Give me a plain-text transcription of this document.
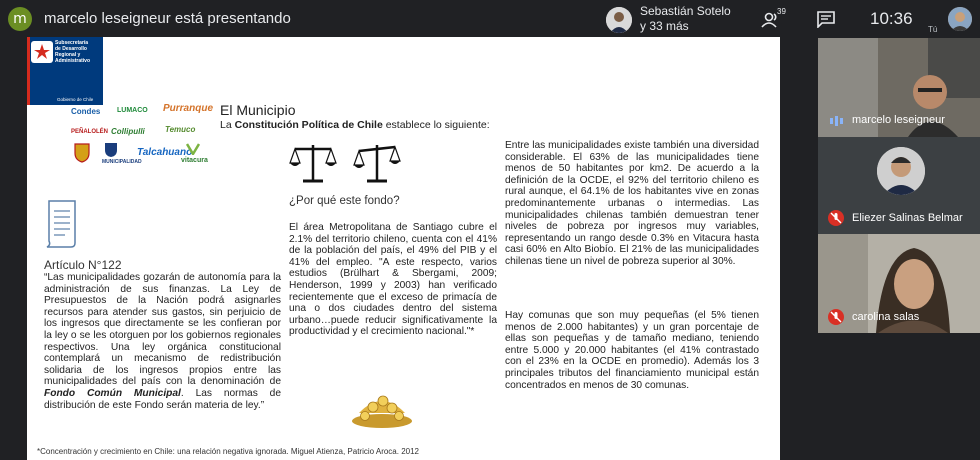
m	marcelo leseigneur está presentando	Sebastián Sotelo
y 33 más
39	10:36
Tú
Subsecretaría
de Desarrollo
Regional y
Administrativo
Gobierno de Chile
Condes LUMACO Purranque
PEÑALOLÉN Collipulli	Temuco
MUNICIPALIDAD
Talcahuano
vitacura
El Municipio
La Constitución Política de Chile establece lo siguiente:
¿Por qué este fondo?
Artículo N°122
“Las municipalidades gozarán de autonomía para la administración de sus finanzas. La Ley de Presupuestos de la Nación podrá asignarles recursos para atender sus gastos, sin perjuicio de los ingresos que directamente se les confieran por la ley o se les otorguen por los gobiernos regionales respectivos. Una ley orgánica constitucional contemplará un mecanismo de redistribución solidaria de los ingresos propios entre las municipalidades del país con la denominación de Fondo Común Municipal. Las normas de distribución de este Fondo serán materia de ley.”
El área Metropolitana de Santiago cubre el 2.1% del territorio chileno, cuenta con el 41% de la población del país, el 49% del PIB y el 41% del empleo. "A este respecto, varios estudios (Brülhart & Sbergami, 2009; Henderson, 1999 y 2003) han verificado recientemente que el exceso de primacía de una o dos ciudades dentro del sistema urbano…puede reducir significativamente la productividad y el crecimiento nacional."*
Entre las municipalidades existe también una diversidad considerable. El 63% de las municipalidades tiene menos de 50 habitantes por km2. De acuerdo a la definición de la OCDE, el 92% del territorio chileno es rural aunque, el 64.1% de los habitantes vive en zonas predominantemente urbanas o intermedias. Las municipalidades chilenas también demuestran tener niveles de pobreza por ingresos muy variables, representando un rango desde 0.3% en Vitacura hasta casi 60% en Alto Biobío. El 21% de las municipalidades chilenas tiene un nivel de pobreza superior al 30%.
Hay comunas que son muy pequeñas (el 5% tienen menos de 2.000 habitantes) y un gran porcentaje de ellas son pequeñas y de tamaño mediano, teniendo entre 5.000 y 20.000 habitantes (el 41% contrastado con el 23% en la OCDE en promedio). Además los 3 principales tributos del financiamiento municipal están concentrados en menos de 30 comunas.
*Concentración y crecimiento en Chile: una relación negativa ignorada. Miguel Atienza, Patricio Aroca. 2012
marcelo leseigneur
Eliezer Salinas Belmar
carolina salas
